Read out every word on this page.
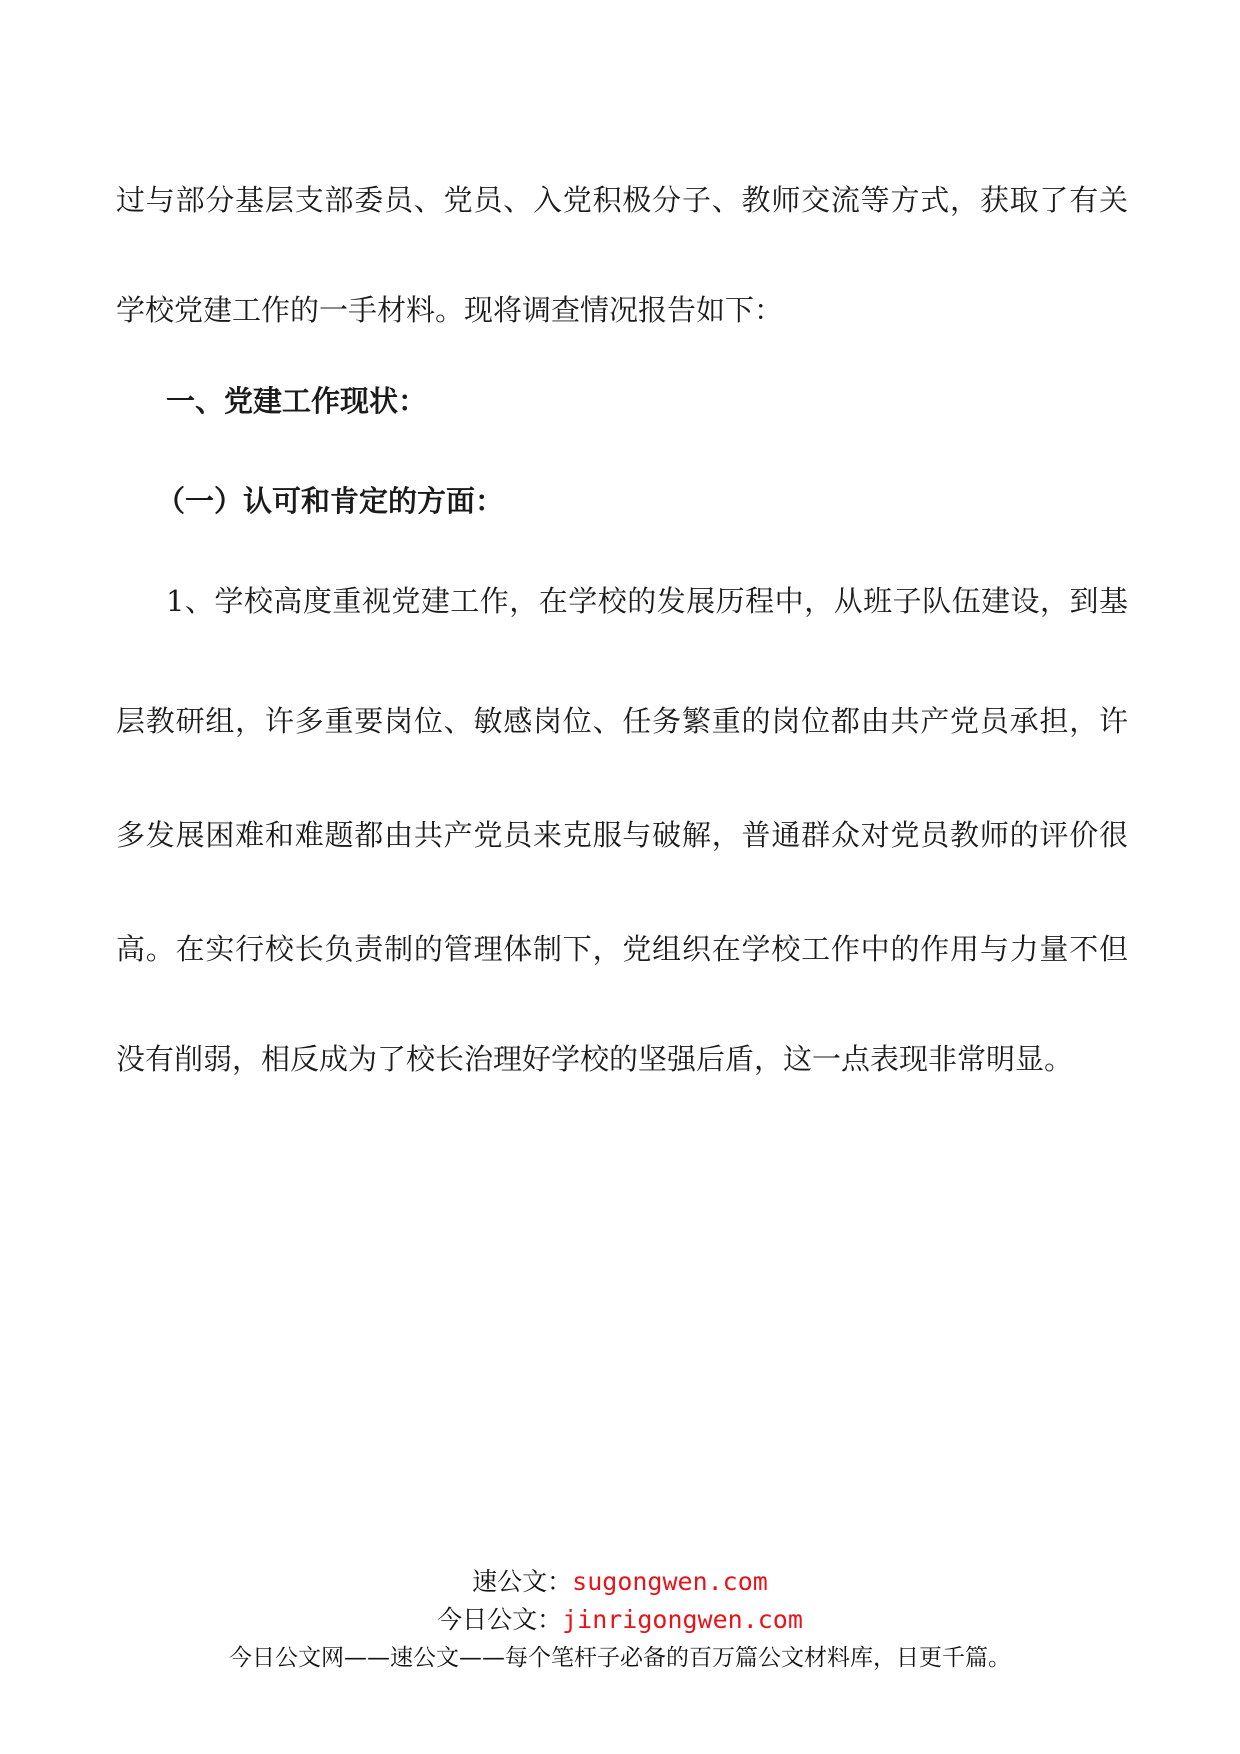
过与部分基层支部委员、党员、入党积极分子、教师交流等方式，获取了有关
学校党建工作的一手材料。现将调查情况报告如下：
一、党建工作现状：
（一）认可和肯定的方面：
1、学校高度重视党建工作，在学校的发展历程中，从班子队伍建设，到基
层教研组，许多重要岗位、敏感岗位、任务繁重的岗位都由共产党员承担，许
多发展困难和难题都由共产党员来克服与破解，普通群众对党员教师的评价很
高。在实行校长负责制的管理体制下，党组织在学校工作中的作用与力量不但
没有削弱，相反成为了校长治理好学校的坚强后盾，这一点表现非常明显。
速公文：sugongwen.com
今日公文：jinrigongwen.com
今日公文网——速公文——每个笔杆子必备的百万篇公文材料库，日更千篇。
